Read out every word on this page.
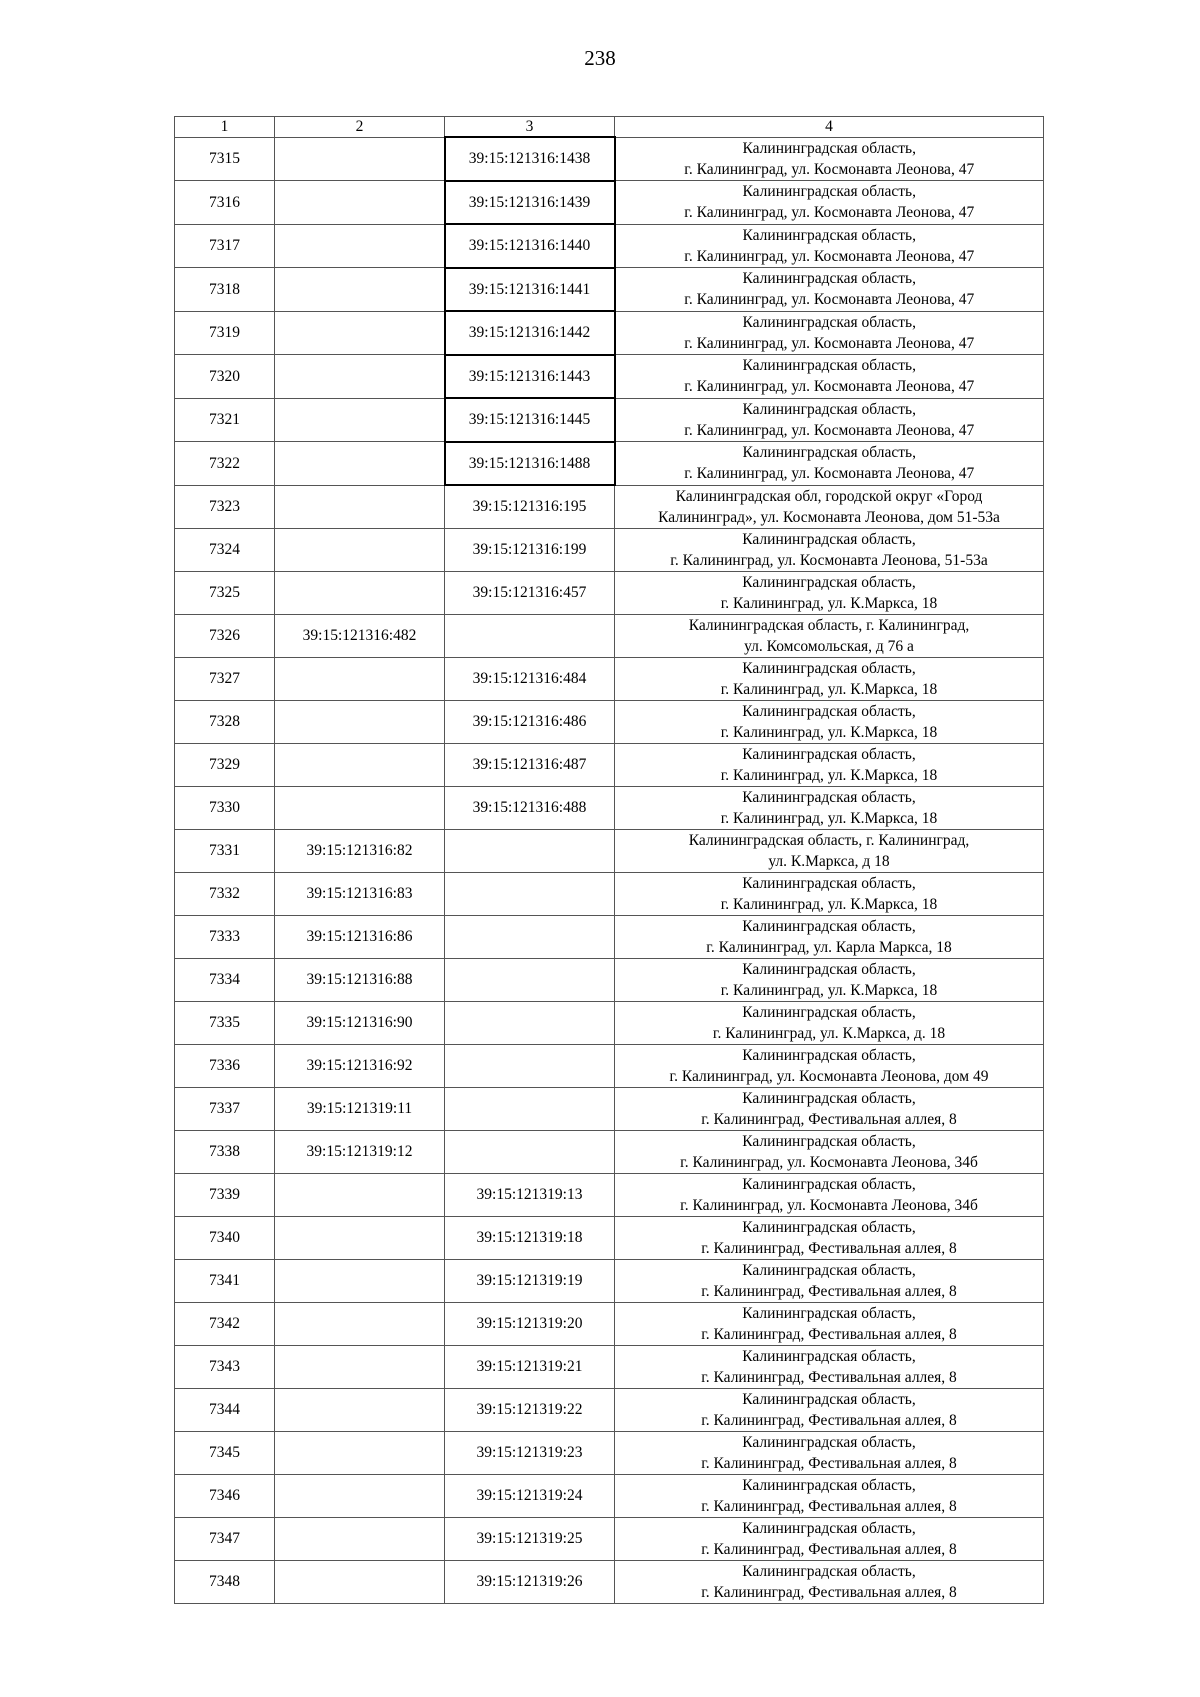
238
1	2	3	4
7315		39:15:121316:1438	Калининградская область,
г. Калининград, ул. Космонавта Леонова, 47

7316		39:15:121316:1439	Калининградская область,
г. Калининград, ул. Космонавта Леонова, 47

7317		39:15:121316:1440	Калининградская область,
г. Калининград, ул. Космонавта Леонова, 47

7318		39:15:121316:1441	Калининградская область,
г. Калининград, ул. Космонавта Леонова, 47

7319		39:15:121316:1442	Калининградская область,
г. Калининград, ул. Космонавта Леонова, 47

7320		39:15:121316:1443	Калининградская область,
г. Калининград, ул. Космонавта Леонова, 47

7321		39:15:121316:1445	Калининградская область,
г. Калининград, ул. Космонавта Леонова, 47

7322		39:15:121316:1488	Калининградская область,
г. Калининград, ул. Космонавта Леонова, 47

7323		39:15:121316:195	Калининградская обл, городской округ «Город
Калининград», ул. Космонавта Леонова, дом 51-53а

7324		39:15:121316:199	Калининградская область,
г. Калининград, ул. Космонавта Леонова, 51-53а

7325		39:15:121316:457	Калининградская область,
г. Калининград, ул. К.Маркса, 18

7326	39:15:121316:482		Калининградская область, г. Калининград,
ул. Комсомольская, д 76 а

7327		39:15:121316:484	Калининградская область,
г. Калининград, ул. К.Маркса, 18

7328		39:15:121316:486	Калининградская область,
г. Калининград, ул. К.Маркса, 18

7329		39:15:121316:487	Калининградская область,
г. Калининград, ул. К.Маркса, 18

7330		39:15:121316:488	Калининградская область,
г. Калининград, ул. К.Маркса, 18

7331	39:15:121316:82		Калининградская область, г. Калининград,
ул. К.Маркса, д 18

7332	39:15:121316:83		Калининградская область,
г. Калининград, ул. К.Маркса, 18

7333	39:15:121316:86		Калининградская область,
г. Калининград, ул. Карла Маркса, 18

7334	39:15:121316:88		Калининградская область,
г. Калининград, ул. К.Маркса, 18

7335	39:15:121316:90		Калининградская область,
г. Калининград, ул. К.Маркса, д. 18

7336	39:15:121316:92		Калининградская область,
г. Калининград, ул. Космонавта Леонова, дом 49

7337	39:15:121319:11		Калининградская область,
г. Калининград, Фестивальная аллея, 8

7338	39:15:121319:12		Калининградская область,
г. Калининград, ул. Космонавта Леонова, 34б

7339		39:15:121319:13	Калининградская область,
г. Калининград, ул. Космонавта Леонова, 34б

7340		39:15:121319:18	Калининградская область,
г. Калининград, Фестивальная аллея, 8

7341		39:15:121319:19	Калининградская область,
г. Калининград, Фестивальная аллея, 8

7342		39:15:121319:20	Калининградская область,
г. Калининград, Фестивальная аллея, 8

7343		39:15:121319:21	Калининградская область,
г. Калининград, Фестивальная аллея, 8

7344		39:15:121319:22	Калининградская область,
г. Калининград, Фестивальная аллея, 8

7345		39:15:121319:23	Калининградская область,
г. Калининград, Фестивальная аллея, 8

7346		39:15:121319:24	Калининградская область,
г. Калининград, Фестивальная аллея, 8

7347		39:15:121319:25	Калининградская область,
г. Калининград, Фестивальная аллея, 8

7348		39:15:121319:26	Калининградская область,
г. Калининград, Фестивальная аллея, 8
